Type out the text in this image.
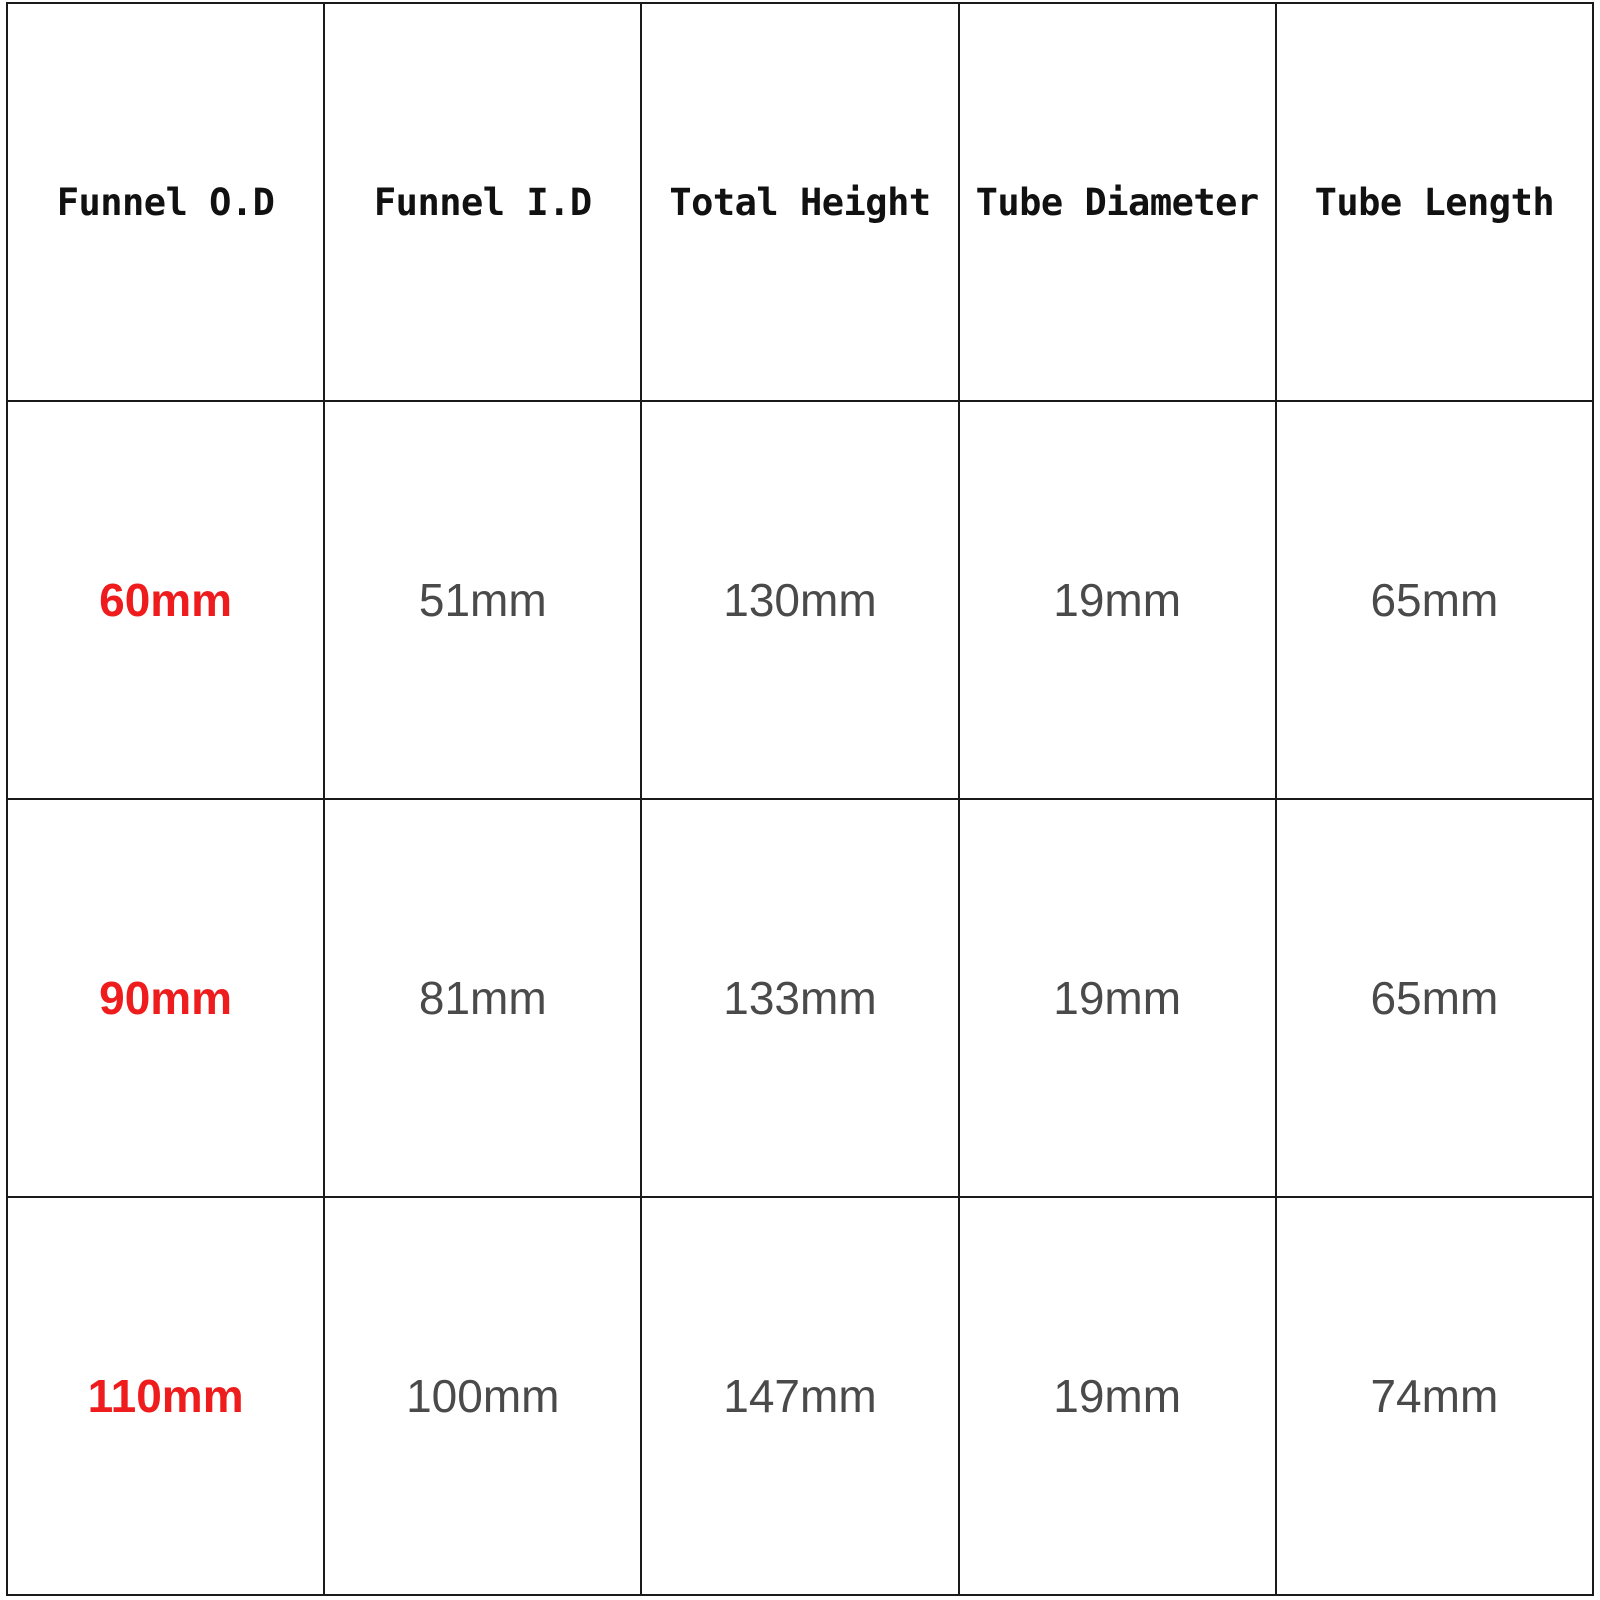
Funnel O.D	Funnel I.D	Total Height	Tube Diameter	Tube Length
60mm	51mm	130mm	19mm	65mm
90mm	81mm	133mm	19mm	65mm
110mm	100mm	147mm	19mm	74mm
